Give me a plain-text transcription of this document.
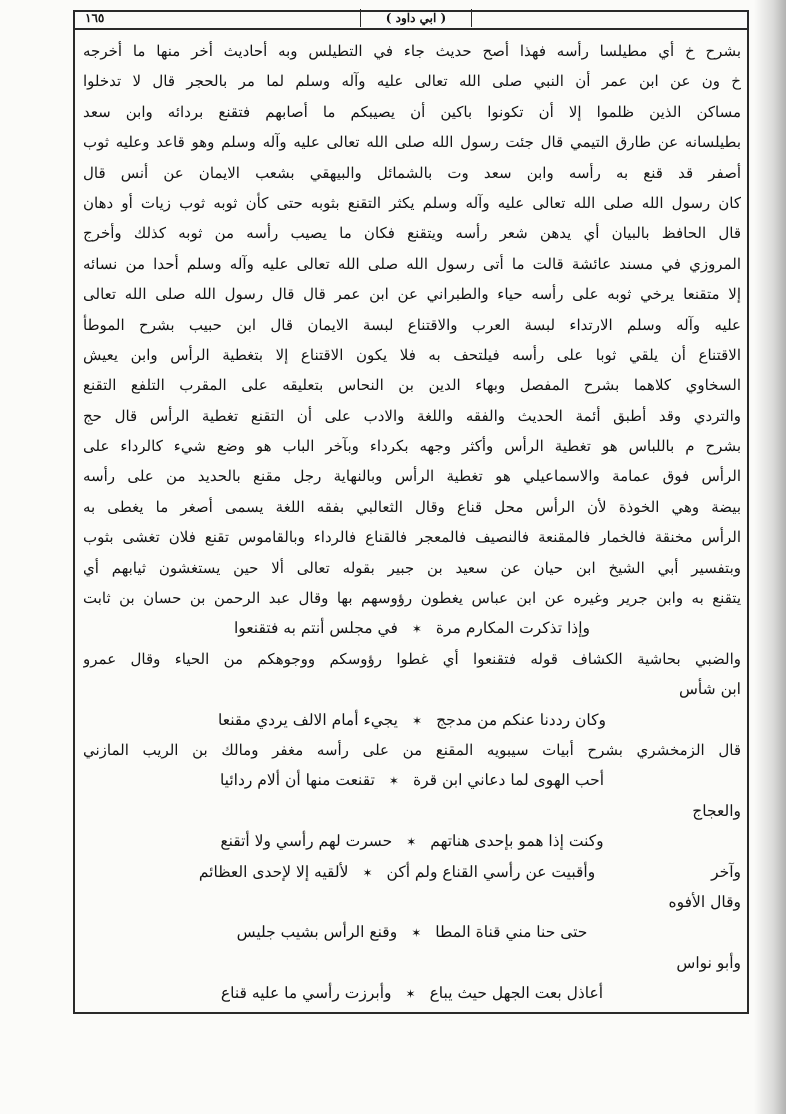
١٦٥	( ابي داود )
بشرح خ أي مطيلسا رأسه فهذا أصح حديث جاء في التطيلس وبه أحاديث أخر منها ما أخرجه
خ ون عن ابن عمر أن النبي صلى الله تعالى عليه وآله وسلم لما مر بالحجر قال لا تدخلوا
مساكن الذين ظلموا إلا أن تكونوا باكين أن يصيبكم ما أصابهم فتقنع بردائه وابن سعد
بطيلسانه عن طارق التيمي قال جئت رسول الله صلى الله تعالى عليه وآله وسلم وهو قاعد وعليه ثوب
أصفر قد قنع به رأسه وابن سعد وت بالشمائل والبيهقي بشعب الايمان عن أنس قال
كان رسول الله صلى الله تعالى عليه وآله وسلم يكثر التقنع بثوبه حتى كأن ثوبه ثوب زيات أو دهان
قال الحافظ بالبيان أي يدهن شعر رأسه ويتقنع فكان ما يصيب رأسه من ثوبه كذلك وأخرج
المروزي في مسند عائشة قالت ما أتى رسول الله صلى الله تعالى عليه وآله وسلم أحدا من نسائه
إلا متقنعا يرخي ثوبه على رأسه حياء والطبراني عن ابن عمر قال قال رسول الله صلى الله تعالى
عليه وآله وسلم الارتداء لبسة العرب والاقتناع لبسة الايمان قال ابن حبيب بشرح الموطأ
الاقتناع أن يلقي ثوبا على رأسه فيلتحف به فلا يكون الاقتناع إلا بتغطية الرأس وابن يعيش
السخاوي كلاهما بشرح المفصل وبهاء الدين بن النحاس بتعليقه على المقرب التلفع التقنع
والتردي وقد أطبق أئمة الحديث والفقه واللغة والادب على أن التقنع تغطية الرأس قال حج
بشرح م باللباس هو تغطية الرأس وأكثر وجهه بكرداء وبآخر الباب هو وضع شيء كالرداء على
الرأس فوق عمامة والاسماعيلي هو تغطية الرأس وبالنهاية رجل مقنع بالحديد من على رأسه
بيضة وهي الخوذة لأن الرأس محل قناع وقال الثعالبي بفقه اللغة يسمى أصغر ما يغطى به
الرأس مخنقة فالخمار فالمقنعة فالنصيف فالمعجر فالقناع فالرداء وبالقاموس تقنع فلان تغشى بثوب
وبتفسير أبي الشيخ ابن حيان عن سعيد بن جبير بقوله تعالى ألا حين يستغشون ثيابهم أي
يتقنع به وابن جرير وغيره عن ابن عباس يغطون رؤوسهم بها وقال عبد الرحمن بن حسان بن ثابت
وإذا تذكرت المكارم مرة✶في مجلس أنتم به فتقنعوا
والضبي بحاشية الكشاف قوله فتقنعوا أي غطوا رؤوسكم ووجوهكم من الحياء وقال عمرو
ابن شأس
وكان رددنا عنكم من مدجج✶يجيء أمام الالف يردي مقنعا
قال الزمخشري بشرح أبيات سيبويه المقنع من على رأسه مغفر ومالك بن الريب المازني
أحب الهوى لما دعاني ابن قرة✶تقنعت منها أن ألام ردائيا
والعجاج
وكنت إذا همو بإحدى هناتهم✶حسرت لهم رأسي ولا أتقنع
وآخر
وأقبيت عن رأسي القناع ولم أكن✶لألقيه إلا لإحدى العظائم
وقال الأفوه
حتى حنا مني قناة المطا✶وقنع الرأس بشيب جليس
وأبو نواس
أعاذل بعت الجهل حيث يباع✶وأبرزت رأسي ما عليه قناع
